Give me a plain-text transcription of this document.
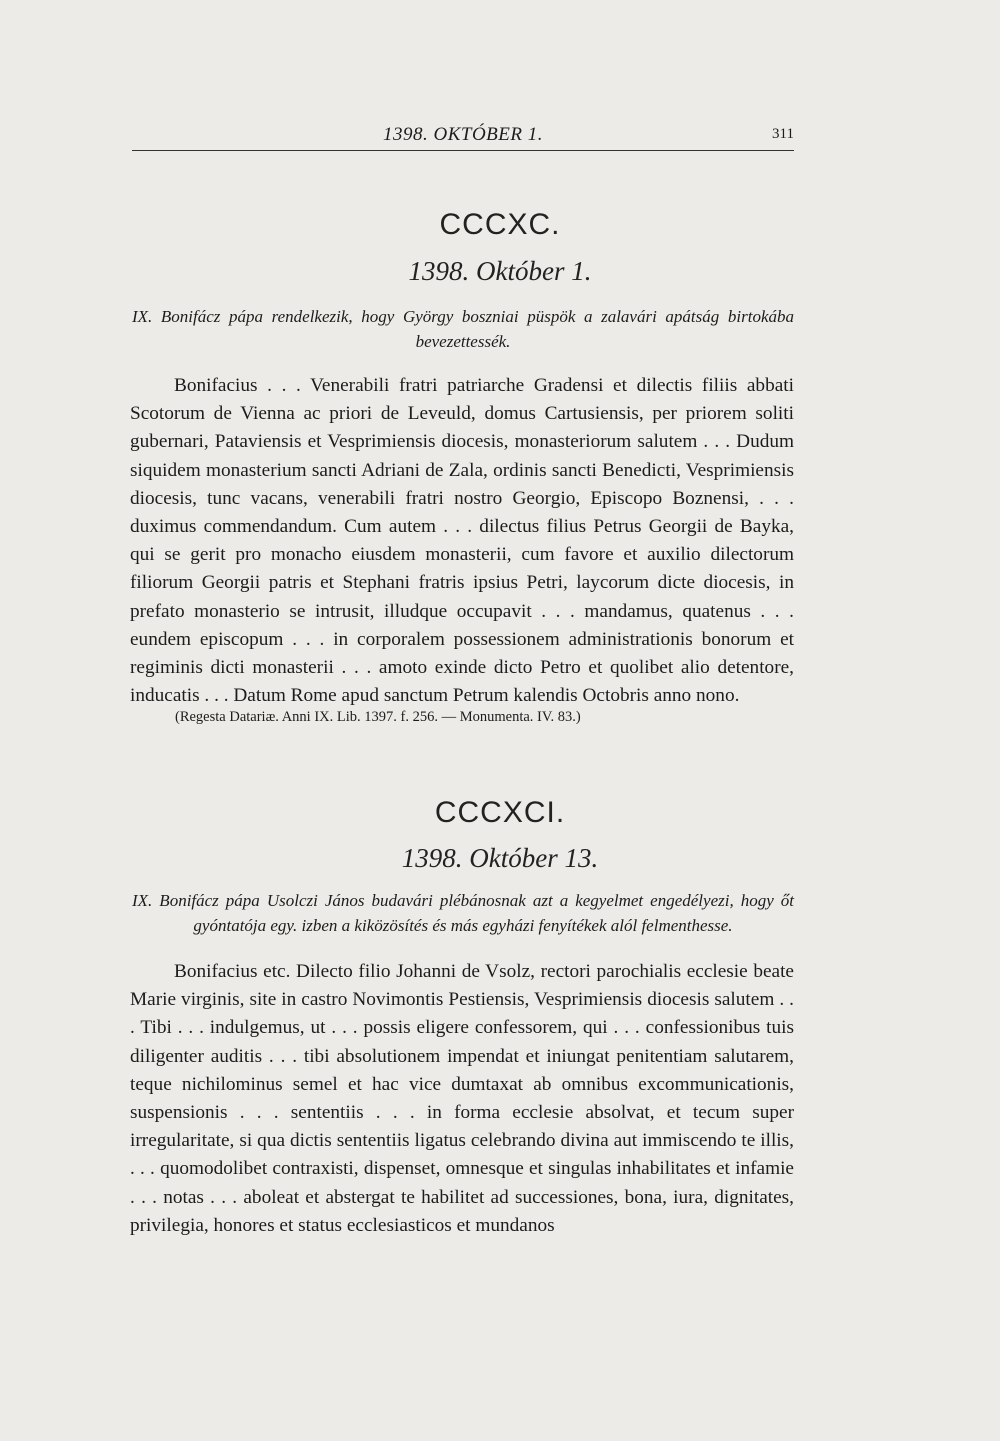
1398. OKTÓBER 1.	311
CCCXC.
1398. Október 1.
IX. Bonifácz pápa rendelkezik, hogy György boszniai püspök a zalavári apátság birtokába bevezettessék.
Bonifacius . . . Venerabili fratri patriarche Gradensi et dilectis filiis abbati Scotorum de Vienna ac priori de Leveuld, domus Cartusiensis, per priorem soliti gubernari, Pataviensis et Vesprimiensis diocesis, monasteriorum salutem . . . Dudum siquidem monasterium sancti Adriani de Zala, ordinis sancti Benedicti, Vesprimiensis diocesis, tunc vacans, venerabili fratri nostro Georgio, Episcopo Boznensi, . . . duximus commendandum. Cum autem . . . dilectus filius Petrus Georgii de Bayka, qui se gerit pro monacho eiusdem monasterii, cum favore et auxilio dilectorum filiorum Georgii patris et Stephani fratris ipsius Petri, laycorum dicte diocesis, in prefato monasterio se intrusit, illudque occupavit . . . mandamus, quatenus . . . eundem episcopum . . . in corporalem possessionem administrationis bonorum et regiminis dicti monasterii . . . amoto exinde dicto Petro et quolibet alio detentore, inducatis . . . Datum Rome apud sanctum Petrum kalendis Octobris anno nono.
(Regesta Datariæ. Anni IX. Lib. 1397. f. 256. — Monumenta. IV. 83.)
CCCXCI.
1398. Október 13.
IX. Bonifácz pápa Usolczi János budavári plébánosnak azt a kegyelmet engedélyezi, hogy őt gyóntatója egy. izben a kiközösítés és más egyházi fenyítékek alól felmenthesse.
Bonifacius etc. Dilecto filio Johanni de Vsolz, rectori parochialis ecclesie beate Marie virginis, site in castro Novimontis Pestiensis, Vesprimiensis diocesis salutem . . . Tibi . . . indulgemus, ut . . . possis eligere confessorem, qui . . . confessionibus tuis diligenter auditis . . . tibi absolutionem impendat et iniungat penitentiam salutarem, teque nichilominus semel et hac vice dumtaxat ab omnibus excommunicationis, suspensionis . . . sententiis . . . in forma ecclesie absolvat, et tecum super irregularitate, si qua dictis sententiis ligatus celebrando divina aut immiscendo te illis, . . . quomodolibet contraxisti, dispenset, omnesque et singulas inhabilitates et infamie . . . notas . . . aboleat et abstergat te habilitet ad successiones, bona, iura, dignitates, privilegia, honores et status ecclesiasticos et mundanos
